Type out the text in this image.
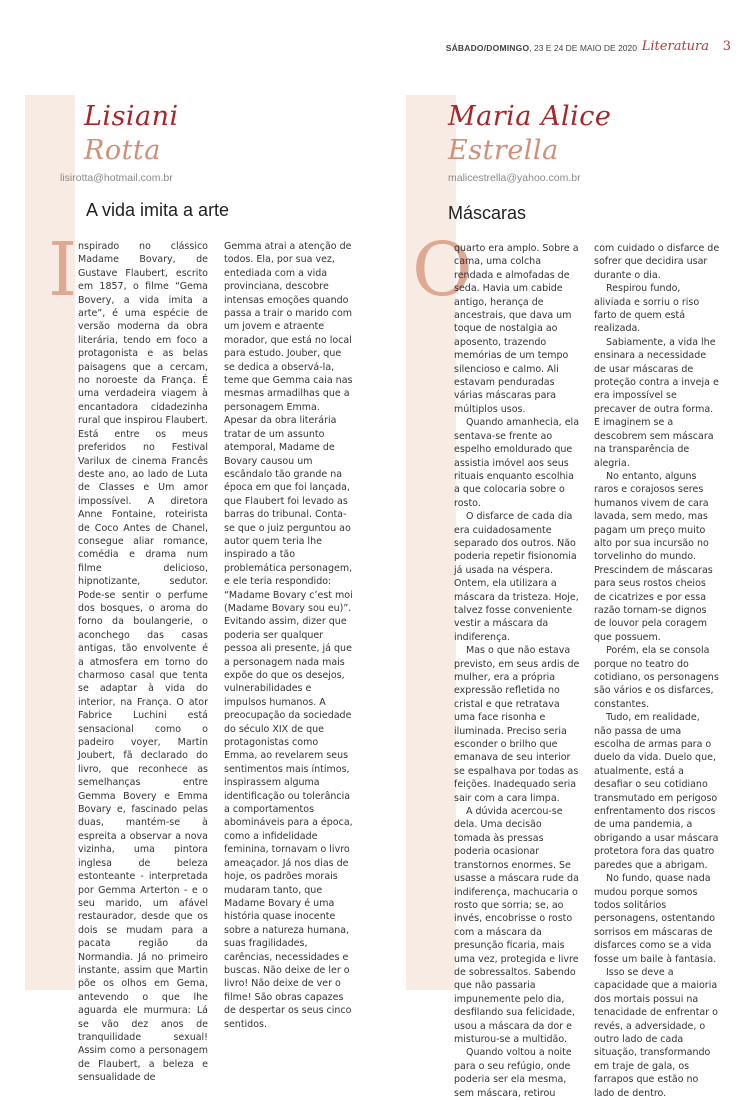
SÁBADO/DOMINGO, 23 E 24 DE MAIO DE 2020 Literatura 3
Lisiani
Rotta
lisirotta@hotmail.com.br
A vida imita a arte
I nspirado no clássico Madame Bovary, de Gustave Flaubert, escrito em 1857, o filme “Gema Bovery, a vida imita a arte”, é uma espécie de versão moderna da obra literária, tendo em foco a protagonista e as belas paisagens que a cercam, no noroeste da França. É uma verdadeira viagem à encantadora cidadezinha rural que inspirou Flaubert. Está entre os meus preferidos no Festival Varilux de cinema Francês deste ano, ao lado de Luta de Classes e Um amor impossível. A diretora Anne Fontaine, roteirista de Coco Antes de Chanel, consegue aliar romance, comédia e drama num filme delicioso, hipnotizante, sedutor. Pode-se sentir o perfume dos bosques, o aroma do forno da boulangerie, o aconchego das casas antigas, tão envolvente é a atmosfera em torno do charmoso casal que tenta se adaptar à vida do interior, na França. O ator Fabrice Luchini está sensacional como o padeiro voyer, Martin Joubert, fã declarado do livro, que reconhece as semelhanças entre Gemma Bovery e Emma Bovary e, fascinado pelas duas, mantém-se à espreita a observar a nova vizinha, uma pintora inglesa de beleza estonteante - interpretada por Gemma Arterton - e o seu marido, um afável restaurador, desde que os dois se mudam para a pacata região da Normandia. Já no primeiro instante, assim que Martin põe os olhos em Gema, antevendo o que lhe aguarda ele murmura: Lá se vão dez anos de tranquilidade sexual! Assim como a personagem de Flaubert, a beleza e sensualidade de

Gemma atrai a atenção de todos. Ela, por sua vez, entediada com a vida provinciana, descobre intensas emoções quando passa a trair o marido com um jovem e atraente morador, que está no local para estudo. Jouber, que se dedica a observá-la, teme que Gemma caia nas mesmas armadilhas que a personagem Emma. Apesar da obra literária tratar de um assunto atemporal, Madame de Bovary causou um escândalo tão grande na época em que foi lançada, que Flaubert foi levado as barras do tribunal. Conta-se que o juiz perguntou ao autor quem teria lhe inspirado a tão problemática personagem, e ele teria respondido: “Madame Bovary c’est moi (Madame Bovary sou eu)”. Evitando assim, dizer que poderia ser qualquer pessoa ali presente, já que a personagem nada mais expõe do que os desejos, vulnerabilidades e impulsos humanos. A preocupação da sociedade do século XIX de que protagonistas como Emma, ao revelarem seus sentimentos mais íntimos, inspirassem alguma identificação ou tolerância a comportamentos abomináveis para a época, como a infidelidade feminina, tornavam o livro ameaçador. Já nos dias de hoje, os padrões morais mudaram tanto, que Madame Bovary é uma história quase inocente sobre a natureza humana, suas fragilidades, carências, necessidades e buscas. Não deixe de ler o livro! Não deixe de ver o filme! São obras capazes de despertar os seus cinco sentidos.

Maria Alice
Estrella
malicestrella@yahoo.com.br
Máscaras
O

quarto era amplo. Sobre a cama, uma colcha rendada e almofadas de seda. Havia um cabide antigo, herança de ancestrais, que dava um toque de nostalgia ao aposento, trazendo memórias de um tempo silencioso e calmo. Ali estavam penduradas várias máscaras para múltiplos usos.

Quando amanhecia, ela sentava-se frente ao espelho emoldurado que assistia imóvel aos seus rituais enquanto escolhia a que colocaria sobre o rosto.

O disfarce de cada dia era cuidadosamente separado dos outros. Não poderia repetir fisionomia já usada na véspera. Ontem, ela utilizara a máscara da tristeza. Hoje, talvez fosse conveniente vestir a máscara da indiferença.

Mas o que não estava previsto, em seus ardis de mulher, era a própria expressão refletida no cristal e que retratava uma face risonha e iluminada. Preciso seria esconder o brilho que emanava de seu interior se espalhava por todas as feições. Inadequado seria sair com a cara limpa.

A dúvida acercou-se dela. Uma decisão tomada às pressas poderia ocasionar transtornos enormes. Se usasse a máscara rude da indiferença, machucaria o rosto que sorria; se, ao invés, encobrisse o rosto com a máscara da presunção ficaria, mais uma vez, protegida e livre de sobressaltos. Sabendo que não passaria impunemente pelo dia, desfilando sua felicidade, usou a máscara da dor e misturou-se a multidão.

Quando voltou a noite para o seu refúgio, onde poderia ser ela mesma, sem máscara, retirou

com cuidado o disfarce de sofrer que decidira usar durante o dia.

Respirou fundo, aliviada e sorriu o riso farto de quem está realizada.

Sabiamente, a vida lhe ensinara a necessidade de usar máscaras de proteção contra a inveja e era impossível se precaver de outra forma. E imaginem se a descobrem sem máscara na transparência de alegria.

No entanto, alguns raros e corajosos seres humanos vivem de cara lavada, sem medo, mas pagam um preço muito alto por sua incursão no torvelinho do mundo. Prescindem de máscaras para seus rostos cheios de cicatrizes e por essa razão tornam-se dignos de louvor pela coragem que possuem.

Porém, ela se consola porque no teatro do cotidiano, os personagens são vários e os disfarces, constantes.

Tudo, em realidade, não passa de uma escolha de armas para o duelo da vida. Duelo que, atualmente, está a desafiar o seu cotidiano transmutado em perigoso enfrentamento dos riscos de uma pandemia, a obrigando a usar máscara protetora fora das quatro paredes que a abrigam.

No fundo, quase nada mudou porque somos todos solitários personagens, ostentando sorrisos em máscaras de disfarces como se a vida fosse um baile à fantasia.

Isso se deve a capacidade que a maioria dos mortais possui na tenacidade de enfrentar o revés, a adversidade, o outro lado de cada situação, transformando em traje de gala, os farrapos que estão no lado de dentro.
